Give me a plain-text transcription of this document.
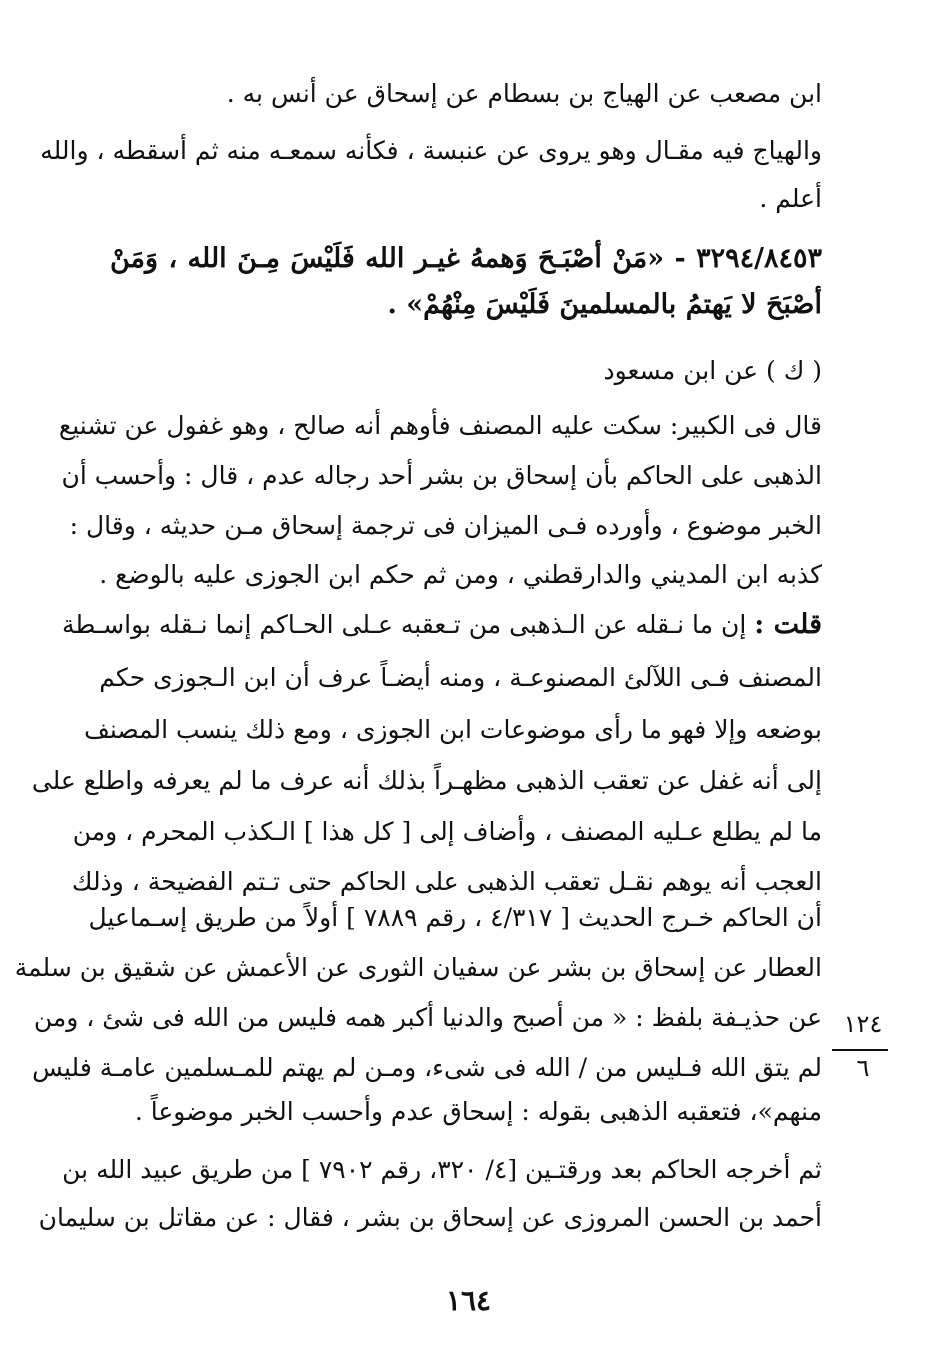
ابن مصعب عن الهياج بن بسطام عن إسحاق عن أنس به .
والهياج فيه مقـال وهو يروى عن عنبسة ، فكأنه سمعـه منه ثم أسقطه ، والله
أعلم .
٣٢٩٤/٨٤٥٣ - «مَنْ أصْبَـحَ وَهمهُ غيـر الله فَلَيْسَ مِـنَ الله ، وَمَنْ
أصْبَحَ لا يَهتمُ بالمسلمينَ فَلَيْسَ مِنْهُمْ» .
( ك ) عن ابن مسعود
قال فى الكبير: سكت عليه المصنف فأوهم أنه صالح ، وهو غفول عن تشنيع
الذهبى على الحاكم بأن إسحاق بن بشر أحد رجاله عدم ، قال : وأحسب أن
الخبر موضوع ، وأورده فـى الميزان فى ترجمة إسحاق مـن حديثه ، وقال :
كذبه ابن المديني والدارقطني ، ومن ثم حكم ابن الجوزى عليه بالوضع .
قلت : إن ما نـقله عن الـذهبى من تـعقبه عـلى الحـاكم إنما نـقله بواسـطة
المصنف فـى اللآلئ المصنوعـة ، ومنه أيضـاً عرف أن ابن الـجوزى حكم
بوضعه وإلا فهو ما رأى موضوعات ابن الجوزى ، ومع ذلك ينسب المصنف
إلى أنه غفل عن تعقب الذهبى مظهـراً بذلك أنه عرف ما لم يعرفه واطلع على
ما لم يطلع عـليه المصنف ، وأضاف إلى [ كل هذا ] الـكذب المحرم ، ومن
العجب أنه يوهم نقـل تعقب الذهبى على الحاكم حتى تـتم الفضيحة ، وذلك
أن الحاكم خـرج الحديث [ ٤/٣١٧ ، رقم ٧٨٨٩ ] أولاً من طريق إسـماعيل
العطار عن إسحاق بن بشر عن سفيان الثورى عن الأعمش عن شقيق بن سلمة
عن حذيـفة بلفظ : « من أصبح والدنيا أكبر همه فليس من الله فى شئ ، ومن
لم يتق الله فـليس من / الله فى شىء، ومـن لم يهتم للمـسلمين عامـة فليس
منهم»، فتعقبه الذهبى بقوله : إسحاق عدم وأحسب الخبر موضوعاً .
ثم أخرجه الحاكم بعد ورقتـين [٤/ ٣٢٠، رقم ٧٩٠٢ ] من طريق عبيد الله بن
أحمد بن الحسن المروزى عن إسحاق بن بشر ، فقال : عن مقاتل بن سليمان
١٢٤
٦
١٦٤
